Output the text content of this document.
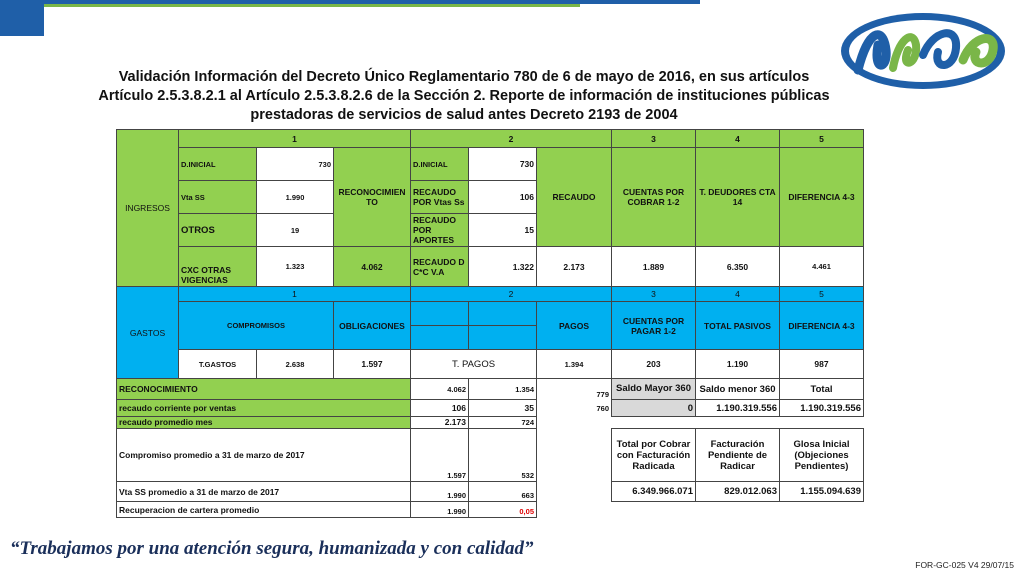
Validación Información del Decreto Único Reglamentario 780 de 6 de mayo de 2016, en sus artículos Artículo 2.5.3.8.2.1 al Artículo 2.5.3.8.2.6 de la Sección 2. Reporte de información de instituciones públicas prestadoras de servicios de salud antes Decreto 2193 de 2004
INGRESOS	1			2			3	4	5
	D.INICIAL	730	RECONOCIMIENTO	D.INICIAL	730	RECAUDO	CUENTAS POR COBRAR 1-2	T. DEUDORES CTA 14	DIFERENCIA 4-3
	Vta SS	1.990		RECAUDO POR Vtas Ss	106				
	OTROS	19		RECAUDO POR APORTES	15				
	CXC OTRAS VIGENCIAS	1.323	4.062	RECAUDO D C*C V.A	1.322	2.173	1.889	6.350	4.461
GASTOS	1			2			3	4	5
	COMPROMISOS		OBLIGACIONES			PAGOS	CUENTAS POR PAGAR 1-2	TOTAL PASIVOS	DIFERENCIA 4-3

	T.GASTOS	2.638	1.597	T. PAGOS		1.394	203	1.190	987
RECONOCIMIENTO				4.062	1.354	779	Saldo Mayor 360	Saldo menor 360	Total
recaudo corriente por ventas				106	35	760	0	1.190.319.556	1.190.319.556
recaudo promedio mes				2.173	724				
Compromiso promedio a 31 de marzo de 2017				1.597	532		Total por Cobrar con Facturación Radicada	Facturación Pendiente de Radicar	Glosa Inicial (Objeciones Pendientes)
Vta SS promedio a 31 de marzo de 2017				1.990	663		6.349.966.071	829.012.063	1.155.094.639
Recuperacion de cartera promedio				1.990	0,05				
“Trabajamos por una atención segura, humanizada y con calidad”
FOR-GC-025 V4 29/07/15
